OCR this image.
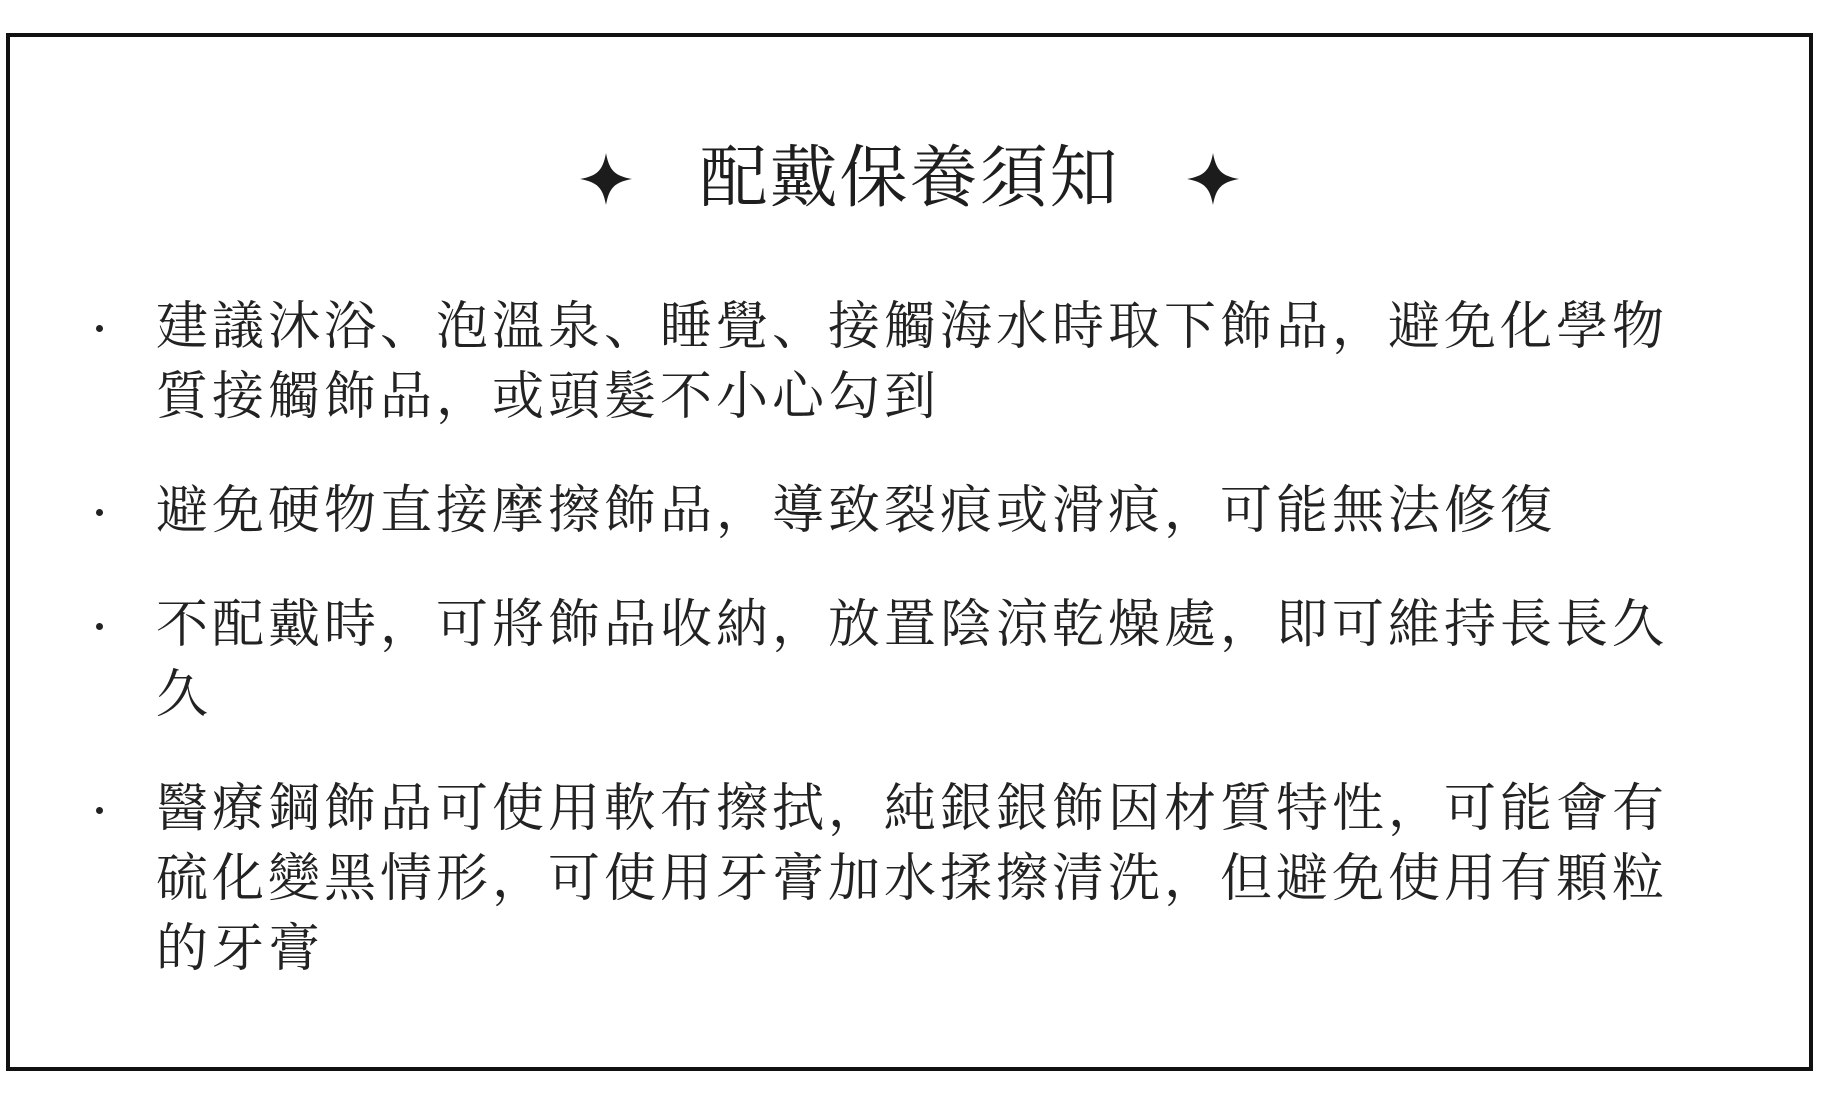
配戴保養須知
建議沐浴、泡溫泉、睡覺、接觸海水時取下飾品，避免化學物質接觸飾品，或頭髮不小心勾到
避免硬物直接摩擦飾品，導致裂痕或滑痕，可能無法修復
不配戴時，可將飾品收納，放置陰涼乾燥處，即可維持長長久久
醫療鋼飾品可使用軟布擦拭，純銀銀飾因材質特性，可能會有硫化變黑情形，可使用牙膏加水揉擦清洗，但避免使用有顆粒的牙膏
